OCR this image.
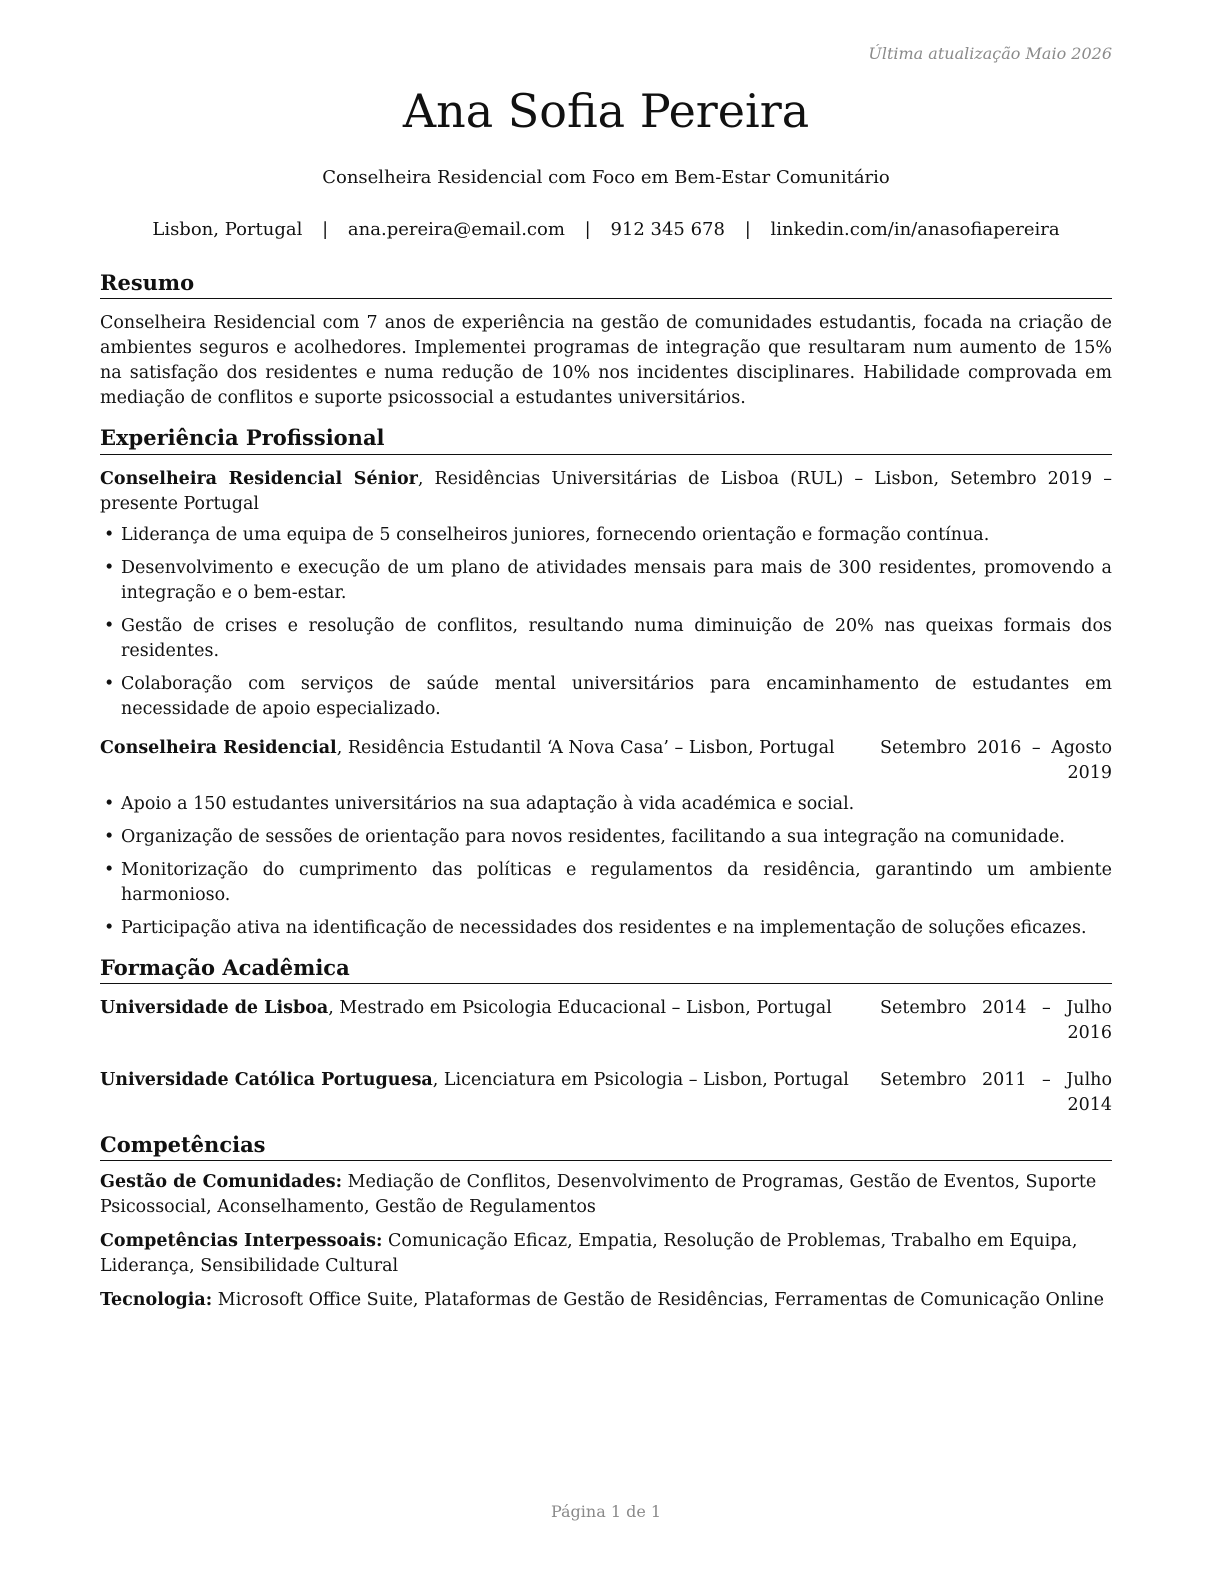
Última atualização Maio 2026
Ana Sofia Pereira
Conselheira Residencial com Foco em Bem-Estar Comunitário
Lisbon, Portugal | ana.pereira@email.com | 912 345 678 | linkedin.com/in/anasofiapereira
Resumo

Conselheira Residencial com 7 anos de experiência na gestão de comunidades estudantis, focada na criação de ambientes seguros e acolhedores. Implementei programas de integração que resultaram num aumento de 15% na satisfação dos residentes e numa redução de 10% nos incidentes disciplinares. Habilidade comprovada em mediação de conflitos e suporte psicossocial a estudantes universitários.

Experiência Profissional
Conselheira Residencial Sénior, Residências Universitárias de Lisboa (RUL) – Lisbon, Setembro 2019 – presente Portugal
• Liderança de uma equipa de 5 conselheiros juniores, fornecendo orientação e formação contínua.
• Desenvolvimento e execução de um plano de atividades mensais para mais de 300 residentes, promovendo a integração e o bem-estar.
• Gestão de crises e resolução de conflitos, resultando numa diminuição de 20% nas queixas formais dos residentes.
• Colaboração com serviços de saúde mental universitários para encaminhamento de estudantes em necessidade de apoio especializado.
Conselheira Residencial, Residência Estudantil ‘A Nova Casa’ – Lisbon, Portugal	Setembro 2016 – Agosto 2019
• Apoio a 150 estudantes universitários na sua adaptação à vida académica e social.
• Organização de sessões de orientação para novos residentes, facilitando a sua integração na comunidade.
• Monitorização do cumprimento das políticas e regulamentos da residência, garantindo um ambiente harmonioso.
• Participação ativa na identificação de necessidades dos residentes e na implementação de soluções eficazes.
Formação Acadêmica
Universidade de Lisboa, Mestrado em Psicologia Educacional – Lisbon, Portugal	Setembro 2014 – Julho 2016
Universidade Católica Portuguesa, Licenciatura em Psicologia – Lisbon, Portugal	Setembro 2011 – Julho 2014
Competências
Gestão de Comunidades: Mediação de Conflitos, Desenvolvimento de Programas, Gestão de Eventos, Suporte Psicossocial, Aconselhamento, Gestão de Regulamentos
Competências Interpessoais: Comunicação Eficaz, Empatia, Resolução de Problemas, Trabalho em Equipa, Liderança, Sensibilidade Cultural
Tecnologia: Microsoft Office Suite, Plataformas de Gestão de Residências, Ferramentas de Comunicação Online
Página 1 de 1
